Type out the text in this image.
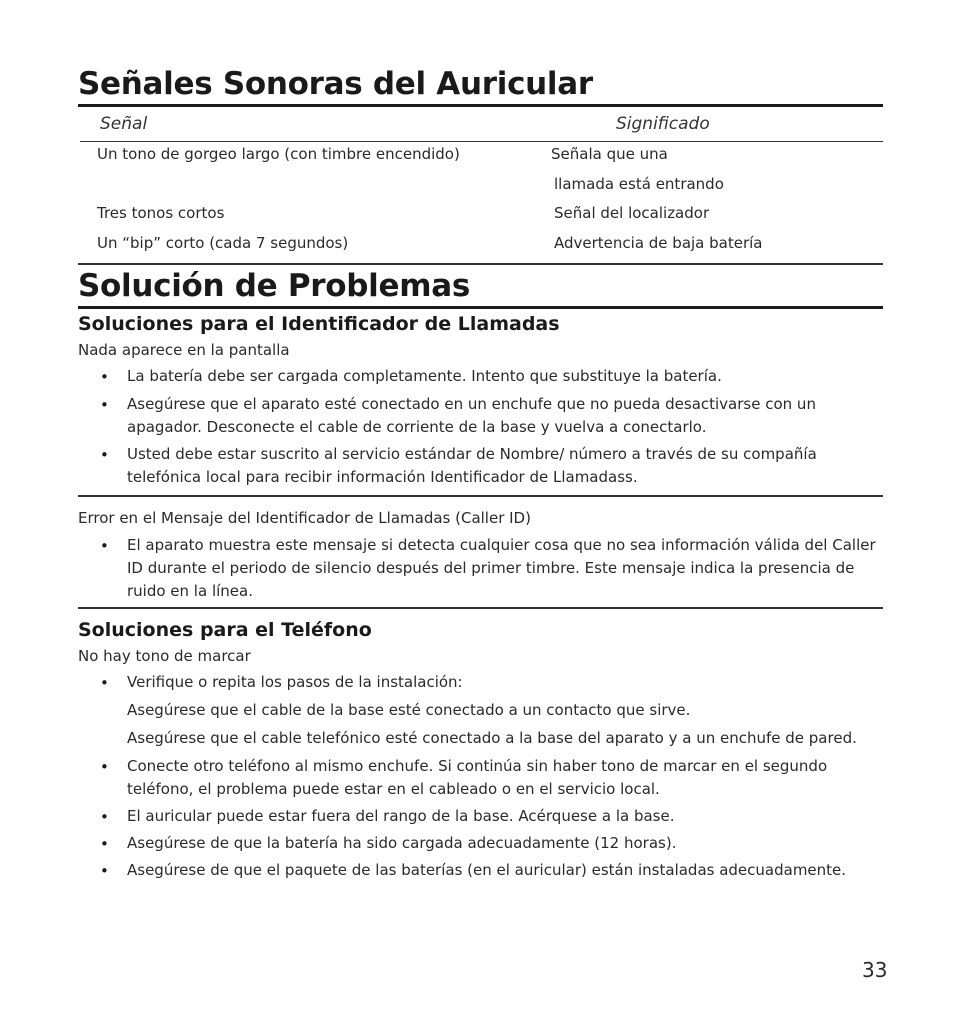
Señales Sonoras del Auricular
Señal	Significado
Un tono de gorgeo largo (con timbre encendido)	Señala que una
llamada está entrando
Tres tonos cortos	Señal del localizador
Un “bip” corto (cada 7 segundos)	Advertencia de baja batería
Solución de Problemas
Soluciones para el Identificador de Llamadas
Nada aparece en la pantalla
• La batería debe ser cargada completamente. Intento que substituye la batería.
• Asegúrese que el aparato esté conectado en un enchufe que no pueda desactivarse con un apagador. Desconecte el cable de corriente de la base y vuelva a conectarlo.
• Usted debe estar suscrito al servicio estándar de Nombre/ número a través de su compañía telefónica local para recibir información Identificador de Llamadass.
Error en el Mensaje del Identificador de Llamadas (Caller ID)
• El aparato muestra este mensaje si detecta cualquier cosa que no sea información válida del Caller ID durante el periodo de silencio después del primer timbre. Este mensaje indica la presencia de ruido en la línea.
Soluciones para el Teléfono
No hay tono de marcar
• Verifique o repita los pasos de la instalación:
Asegúrese que el cable de la base esté conectado a un contacto que sirve.
Asegúrese que el cable telefónico esté conectado a la base del aparato y a un enchufe de pared.
• Conecte otro teléfono al mismo enchufe. Si continúa sin haber tono de marcar en el segundo teléfono, el problema puede estar en el cableado o en el servicio local.
• El auricular puede estar fuera del rango de la base. Acérquese a la base.
• Asegúrese de que la batería ha sido cargada adecuadamente (12 horas).
• Asegúrese de que el paquete de las baterías (en el auricular) están instaladas adecuadamente.
33
